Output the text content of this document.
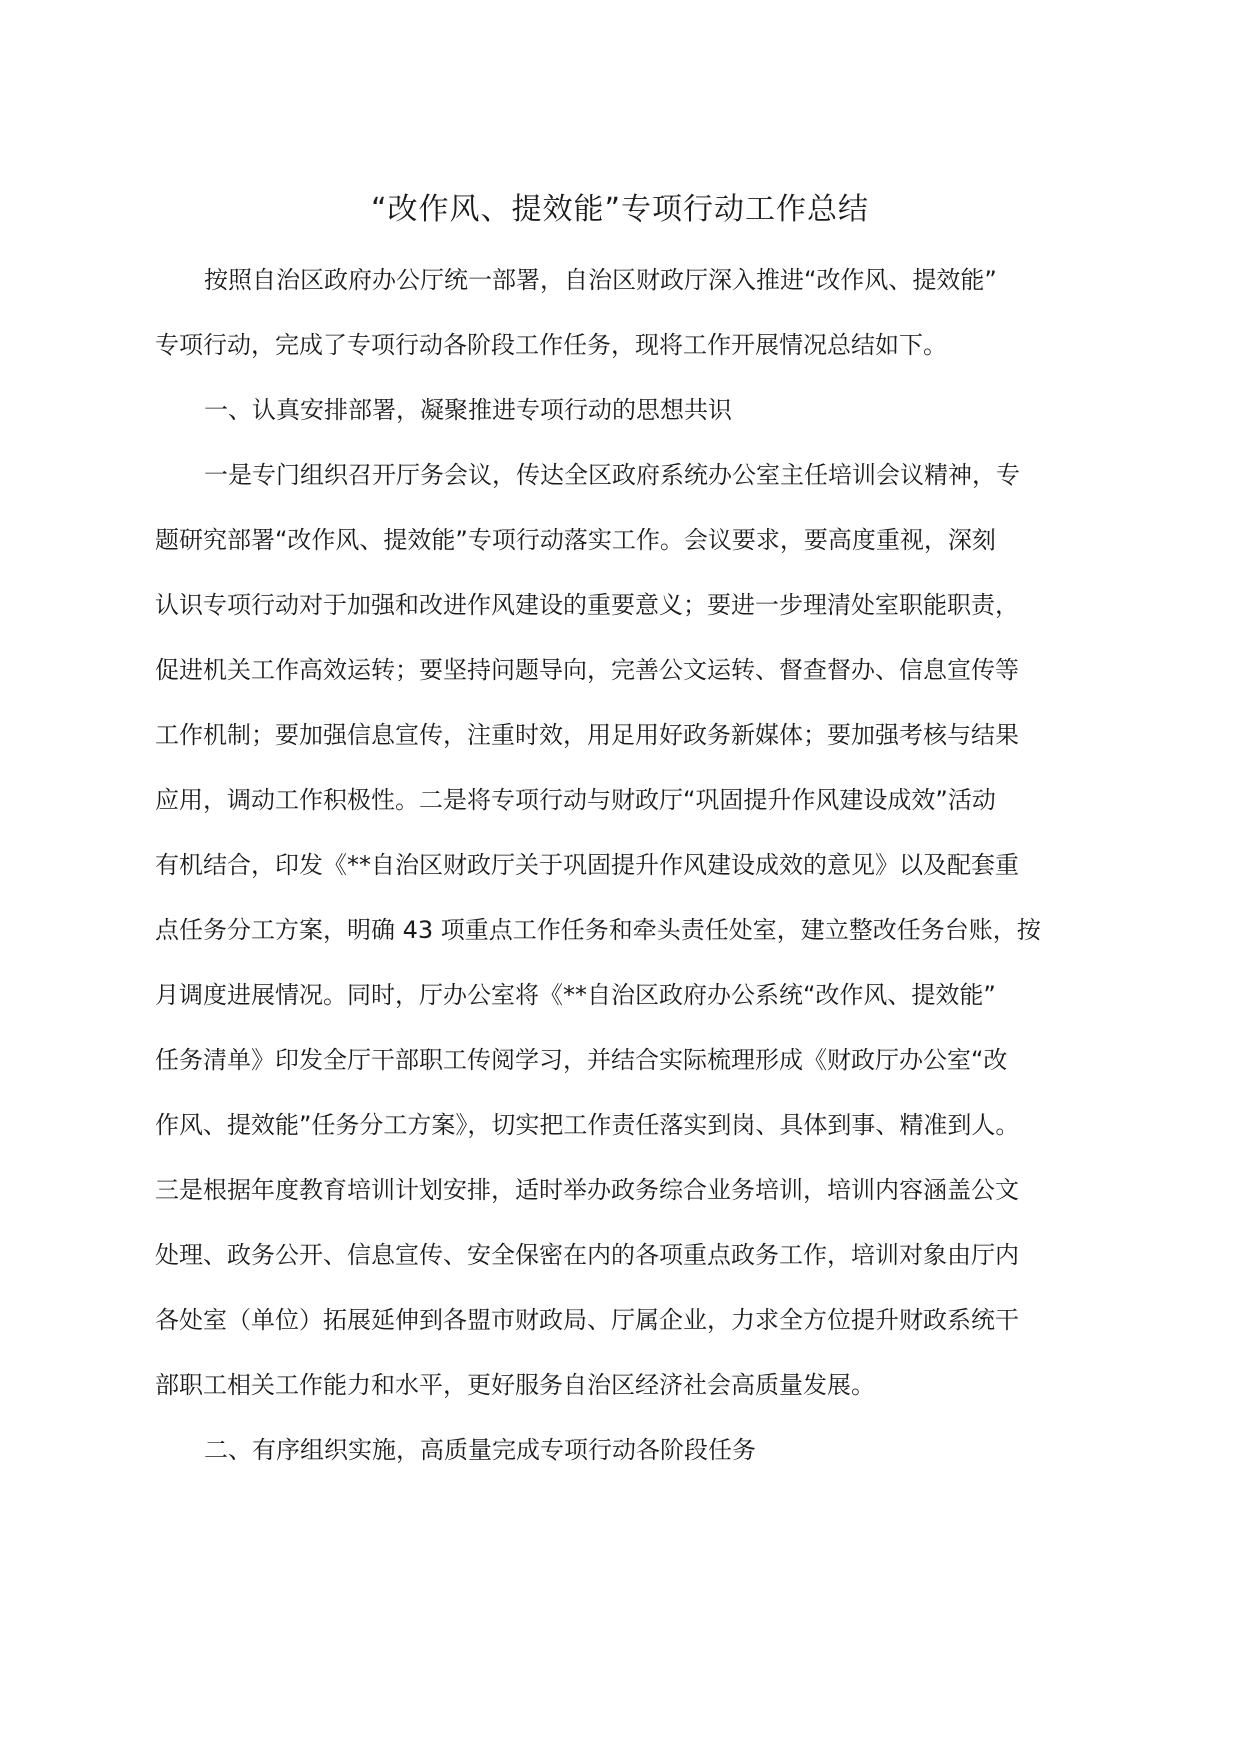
“改作风、提效能”专项行动工作总结
按照自治区政府办公厅统一部署，自治区财政厅深入推进“改作风、提效能”
专项行动，完成了专项行动各阶段工作任务，现将工作开展情况总结如下。
一、认真安排部署，凝聚推进专项行动的思想共识
一是专门组织召开厅务会议，传达全区政府系统办公室主任培训会议精神，专
题研究部署“改作风、提效能”专项行动落实工作。会议要求，要高度重视，深刻
认识专项行动对于加强和改进作风建设的重要意义；要进一步理清处室职能职责，
促进机关工作高效运转；要坚持问题导向，完善公文运转、督查督办、信息宣传等
工作机制；要加强信息宣传，注重时效，用足用好政务新媒体；要加强考核与结果
应用，调动工作积极性。二是将专项行动与财政厅“巩固提升作风建设成效”活动
有机结合，印发《**自治区财政厅关于巩固提升作风建设成效的意见》以及配套重
点任务分工方案，明确 43 项重点工作任务和牵头责任处室，建立整改任务台账，按
月调度进展情况。同时，厅办公室将《**自治区政府办公系统“改作风、提效能”
任务清单》印发全厅干部职工传阅学习，并结合实际梳理形成《财政厅办公室“改
作风、提效能”任务分工方案》，切实把工作责任落实到岗、具体到事、精准到人。
三是根据年度教育培训计划安排，适时举办政务综合业务培训，培训内容涵盖公文
处理、政务公开、信息宣传、安全保密在内的各项重点政务工作，培训对象由厅内
各处室（单位）拓展延伸到各盟市财政局、厅属企业，力求全方位提升财政系统干
部职工相关工作能力和水平，更好服务自治区经济社会高质量发展。
二、有序组织实施，高质量完成专项行动各阶段任务
